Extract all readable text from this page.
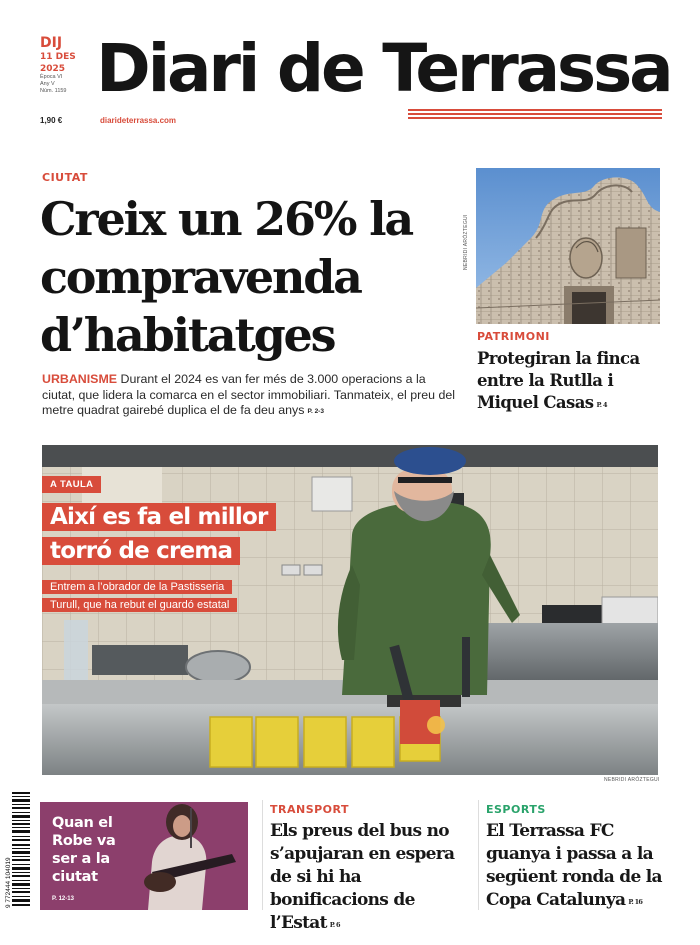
DIJ
11 DES
2025
Època VI
Any V
Núm. 1159
1,90 €
Diari de Terrassa
diarideterrassa.com
CIUTAT
Creix un 26% la compravenda d’habitatges

URBANISME Durant el 2024 es van fer més de 3.000 operacions a la ciutat, que lidera la comarca en el sector immobiliari. Tanmateix, el preu del metre quadrat gairebé duplica el de fa deu anys P. 2-3

NEBRIDI ARÓZTEGUI
PATRIMONI
Protegiran la finca entre la Rutlla i Miquel Casas P. 4
NEBRIDI ARÓZTEGUI
A TAULA
Així es fa el millor
torró de crema
Entrem a l’obrador de la Pastisseria
Turull, que ha rebut el guardó estatal
9 772444 104019
Quan el Robe va ser a la ciutat
P. 12-13
TRANSPORT
Els preus del bus no s’apujaran en espera de si hi ha bonificacions de l’Estat P. 6
ESPORTS
El Terrassa FC guanya i passa a la següent ronda de la Copa Catalunya P. 16
